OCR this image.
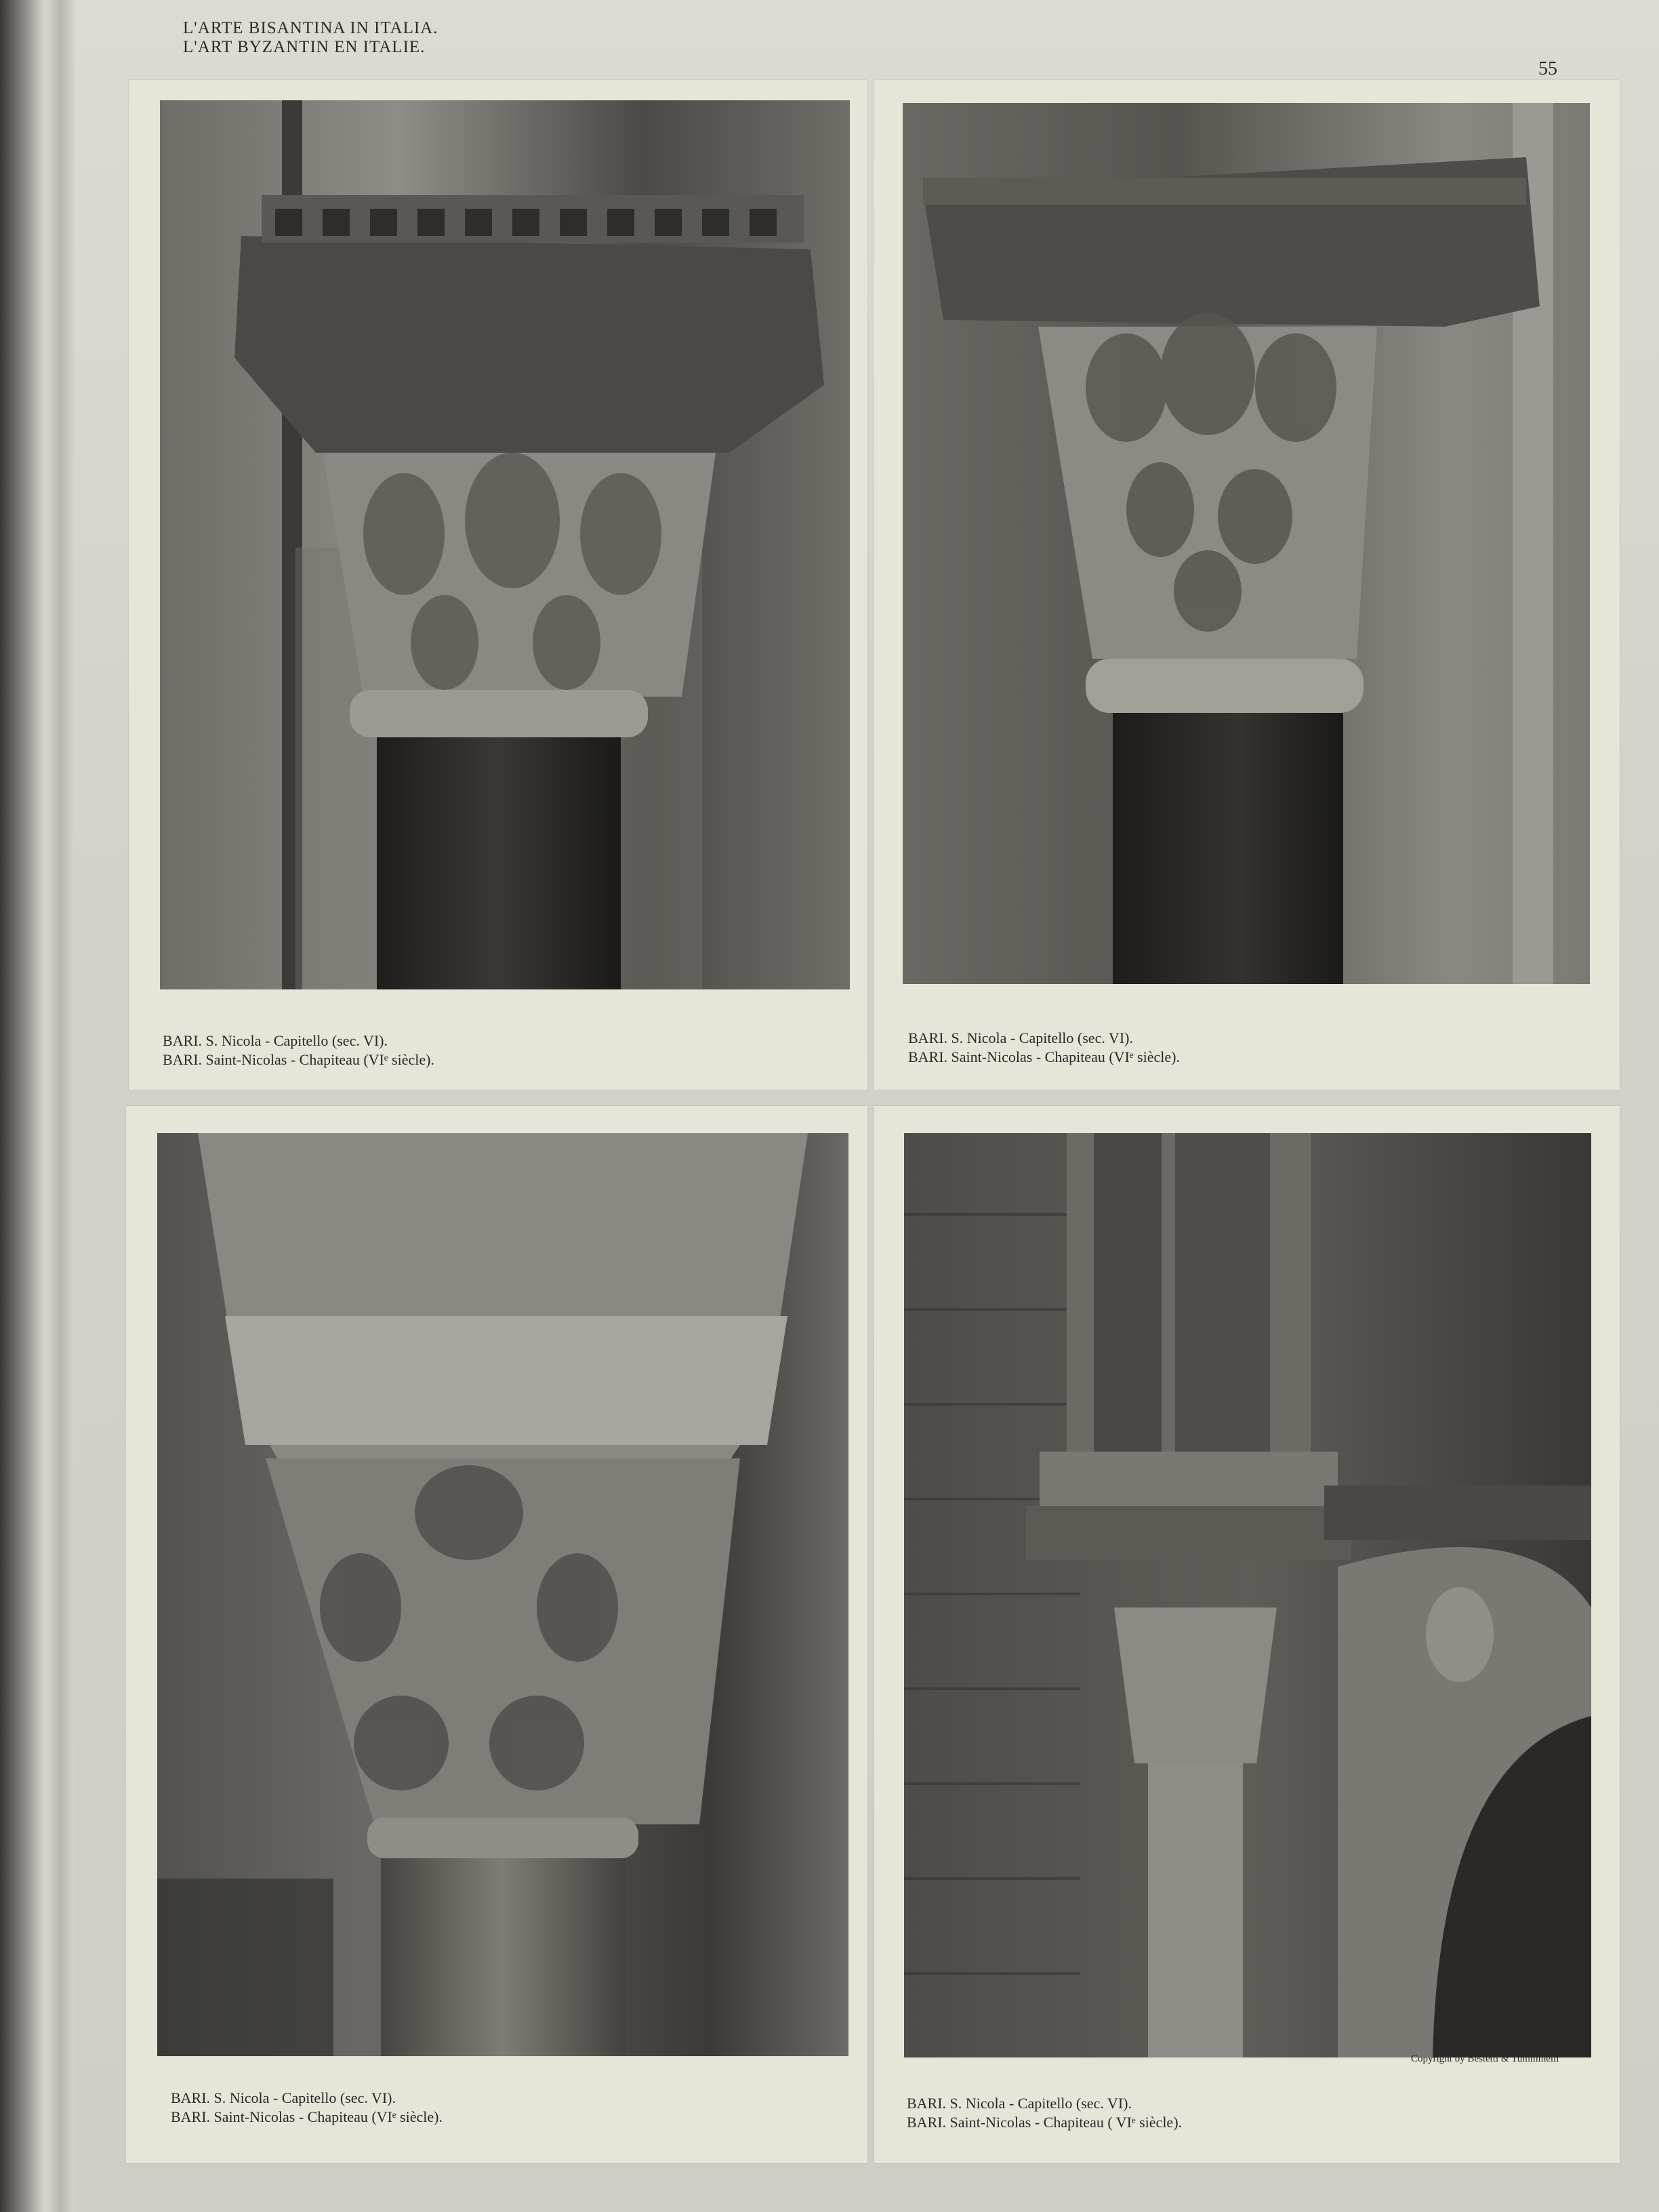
L'ARTE BISANTINA IN ITALIA.
L'ART BYZANTIN EN ITALIE.
55
BARI. S. Nicola - Capitello (sec. VI).
BARI. Saint-Nicolas - Chapiteau (VIᵉ siècle).
BARI. S. Nicola - Capitello (sec. VI).
BARI. Saint-Nicolas - Chapiteau (VIᵉ siècle).
BARI. S. Nicola - Capitello (sec. VI).
BARI. Saint-Nicolas - Chapiteau (VIᵉ siècle).
BARI. S. Nicola - Capitello (sec. VI).
BARI. Saint-Nicolas - Chapiteau ( VIᵉ siècle).
Copyright by Bestetti & Tumminelli
